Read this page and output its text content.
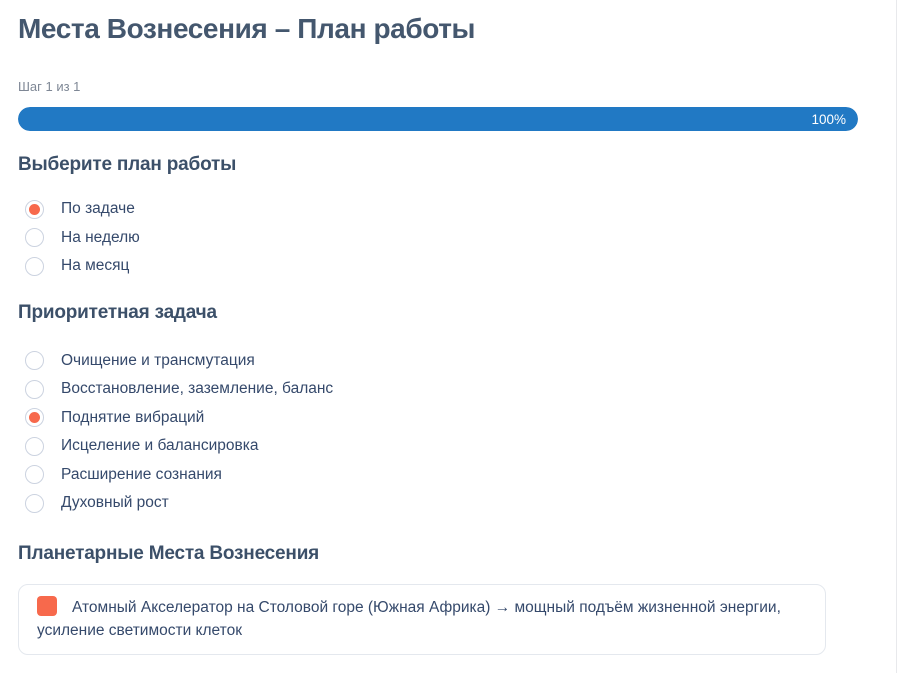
Места Вознесения – План работы
Шаг 1 из 1
100%
Выберите план работы
По задаче
На неделю
На месяц
Приоритетная задача
Очищение и трансмутация
Восстановление, заземление, баланс
Поднятие вибраций
Исцеление и балансировка
Расширение сознания
Духовный рост
Планетарные Места Вознесения
Атомный Акселератор на Столовой горе (Южная Африка) → мощный подъём жизненной энергии, усиление светимости клеток
